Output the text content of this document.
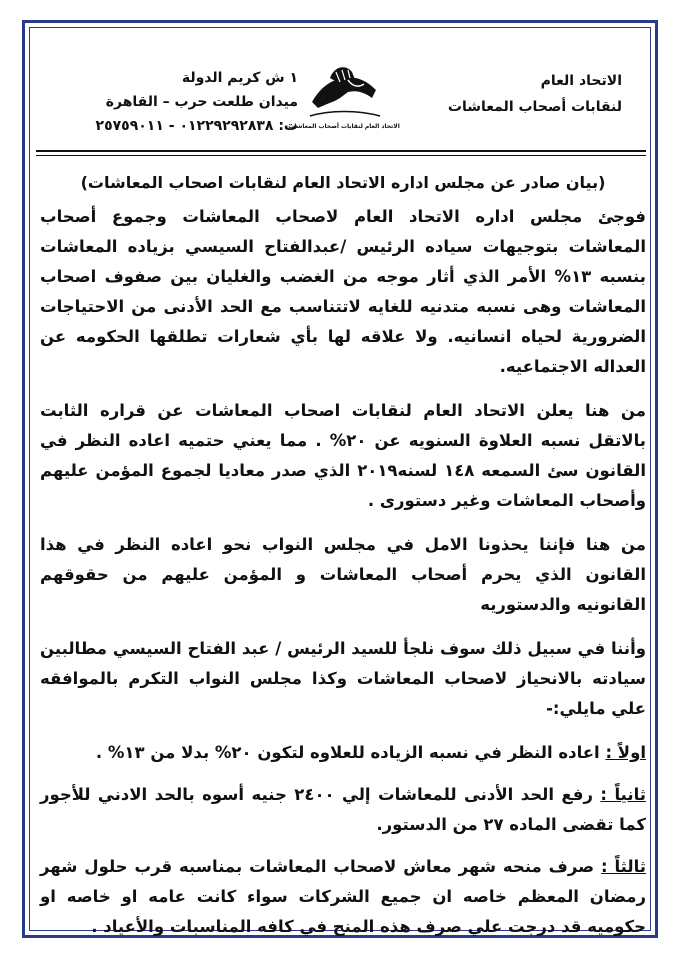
الاتحاد العام
لنقابات أصحاب المعاشات
الاتحاد العام لنقابات أصحاب المعاشات
١ ش كريم الدولة
ميدان طلعت حرب – القاهرة
ت: ٠١٢٢٩٢٩٢٨٣٨ - ٢٥٧٥٩٠١١
(بيان صادر عن مجلس اداره الاتحاد العام لنقابات اصحاب المعاشات)

فوجئ مجلس اداره الاتحاد العام لاصحاب المعاشات وجموع أصحاب المعاشات بتوجيهات سياده الرئيس /عبدالفتاح السيسي بزياده المعاشات بنسبه ١٣% الأمر الذي أثار موجه من الغضب والغليان بين صفوف اصحاب المعاشات وهى نسبه متدنيه للغايه لاتتناسب مع الحد الأدنى من الاحتياجات الضرورية لحياه انسانيه. ولا علاقه لها بأي شعارات تطلقها الحكومه عن العداله الاجتماعيه.

من هنا يعلن الاتحاد العام لنقابات اصحاب المعاشات عن قراره الثابت بالاتقل نسبه العلاوة السنويه عن ٢٠% . مما يعني حتميه اعاده النظر في القانون سئ السمعه ١٤٨ لسنه٢٠١٩ الذي صدر معاديا لجموع المؤمن عليهم وأصحاب المعاشات وغير دستورى .

من هنا فإننا يحذونا الامل في مجلس النواب نحو اعاده النظر في هذا القانون الذي يحرم أصحاب المعاشات و المؤمن عليهم من حقوقهم القانونيه والدستوريه

وأننا في سبيل ذلك سوف نلجأ للسيد الرئيس / عبد الفتاح السيسي مطالبين سيادته بالانحياز لاصحاب المعاشات وكذا مجلس النواب التكرم بالموافقه علي مايلي:-

اولاً : اعاده النظر في نسبه الزياده للعلاوه لتكون ٢٠% بدلا من ١٣% .

ثانياً : رفع الحد الأدنى للمعاشات إلي ٢٤٠٠ جنيه أسوه بالحد الادني للأجور كما تقضى الماده ٢٧ من الدستور.

ثالثاً : صرف منحه شهر معاش لاصحاب المعاشات بمناسبه قرب حلول شهر رمضان المعظم خاصه ان جميع الشركات سواء كانت عامه او خاصه او حكوميه قد درجت علي صرف هذه المنح في كافه المناسبات والأعياد .
